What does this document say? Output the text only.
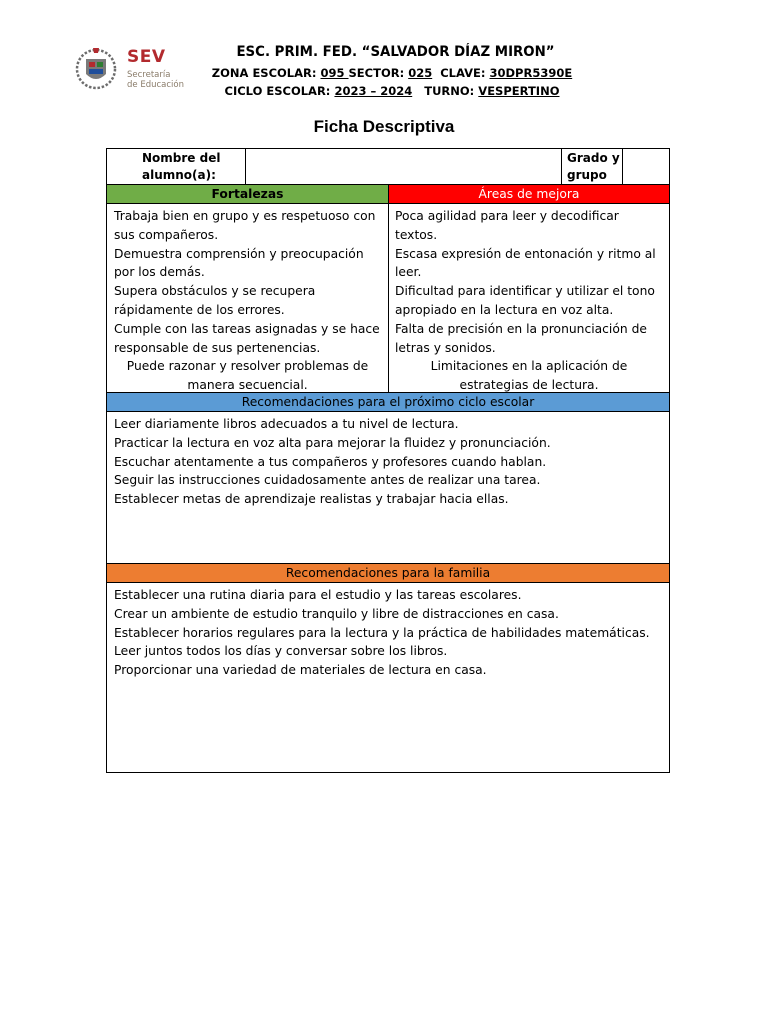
SEV
Secretaría
de Educación
ESC. PRIM. FED. “SALVADOR DÍAZ MIRON”
ZONA ESCOLAR: 095 SECTOR: 025 CLAVE: 30DPR5390E
CICLO ESCOLAR: 2023 – 2024 TURNO: VESPERTINO
Ficha Descriptiva
Nombre del alumno(a):
Grado y grupo
Fortalezas	Áreas de mejora

Trabaja bien en grupo y es respetuoso con sus compañeros.

Demuestra comprensión y preocupación por los demás.

Supera obstáculos y se recupera rápidamente de los errores.

Cumple con las tareas asignadas y se hace responsable de sus pertenencias.

Puede razonar y resolver problemas de manera secuencial.

Poca agilidad para leer y decodificar textos.

Escasa expresión de entonación y ritmo al leer.

Dificultad para identificar y utilizar el tono apropiado en la lectura en voz alta.

Falta de precisión en la pronunciación de letras y sonidos.

Limitaciones en la aplicación de estrategias de lectura.

Recomendaciones para el próximo ciclo escolar

Leer diariamente libros adecuados a tu nivel de lectura.

Practicar la lectura en voz alta para mejorar la fluidez y pronunciación.

Escuchar atentamente a tus compañeros y profesores cuando hablan.

Seguir las instrucciones cuidadosamente antes de realizar una tarea.

Establecer metas de aprendizaje realistas y trabajar hacia ellas.

Recomendaciones para la familia

Establecer una rutina diaria para el estudio y las tareas escolares.

Crear un ambiente de estudio tranquilo y libre de distracciones en casa.

Establecer horarios regulares para la lectura y la práctica de habilidades matemáticas.

Leer juntos todos los días y conversar sobre los libros.

Proporcionar una variedad de materiales de lectura en casa.
